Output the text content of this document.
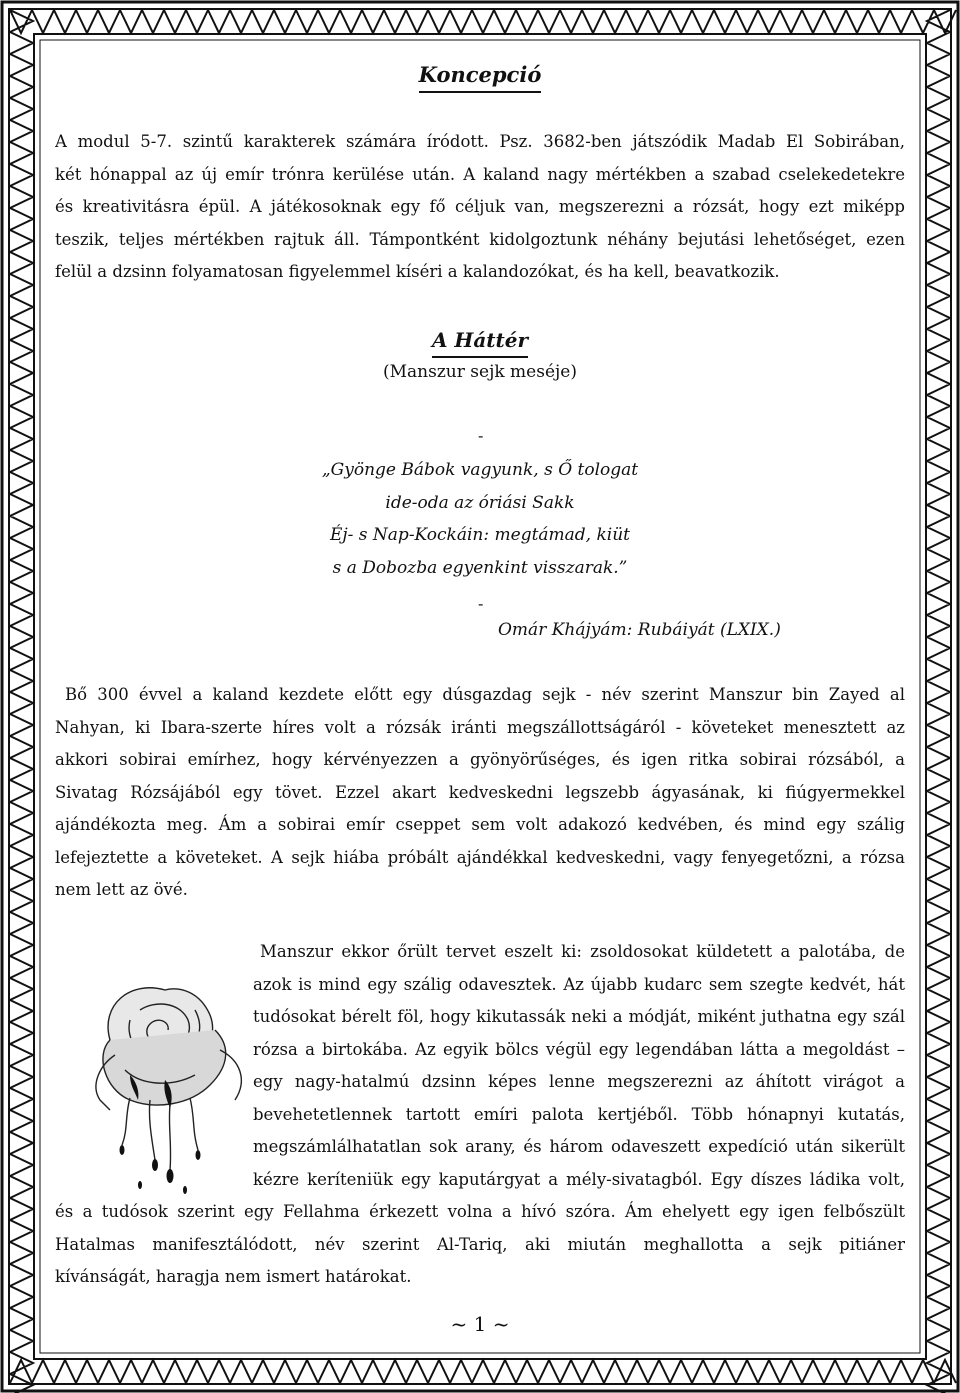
Koncepció
A modul 5-7. szintű karakterek számára íródott. Psz. 3682-ben játszódik Madab El Sobirában,
két hónappal az új emír trónra kerülése után. A kaland nagy mértékben a szabad cselekedetekre
és kreativitásra épül. A játékosoknak egy fő céljuk van, megszerezni a rózsát, hogy ezt miképp
teszik, teljes mértékben rajtuk áll. Támpontként kidolgoztunk néhány bejutási lehetőséget, ezen
felül a dzsinn folyamatosan figyelemmel kíséri a kalandozókat, és ha kell, beavatkozik.
A Háttér
(Manszur sejk meséje)
-
„Gyönge Bábok vagyunk, s Ő tologat
ide-oda az óriási Sakk
Éj- s Nap-Kockáin: megtámad, kiüt
s a Dobozba egyenkint visszarak.”
-
Omár Khájyám: Rubáiyát (LXIX.)
Bő 300 évvel a kaland kezdete előtt egy dúsgazdag sejk - név szerint Manszur bin Zayed al
Nahyan, ki Ibara-szerte híres volt a rózsák iránti megszállottságáról - követeket menesztett az
akkori sobirai emírhez, hogy kérvényezzen a gyönyörűséges, és igen ritka sobirai rózsából, a
Sivatag Rózsájából egy tövet. Ezzel akart kedveskedni legszebb ágyasának, ki fiúgyermekkel
ajándékozta meg. Ám a sobirai emír cseppet sem volt adakozó kedvében, és mind egy szálig
lefejeztette a követeket. A sejk hiába próbált ajándékkal kedveskedni, vagy fenyegetőzni, a rózsa
nem lett az övé.
Manszur ekkor őrült tervet eszelt ki: zsoldosokat küldetett a palotába, de
azok is mind egy szálig odavesztek. Az újabb kudarc sem szegte kedvét, hát
tudósokat bérelt föl, hogy kikutassák neki a módját, miként juthatna egy szál
rózsa a birtokába. Az egyik bölcs végül egy legendában látta a megoldást –
egy nagy-hatalmú dzsinn képes lenne megszerezni az áhított virágot a
bevehetetlennek tartott emíri palota kertjéből. Több hónapnyi kutatás,
megszámlálhatatlan sok arany, és három odaveszett expedíció után sikerült
kézre keríteniük egy kaputárgyat a mély-sivatagból. Egy díszes ládika volt,
és a tudósok szerint egy Fellahma érkezett volna a hívó szóra. Ám ehelyett egy igen felbőszült
Hatalmas manifesztálódott, név szerint Al-Tariq, aki miután meghallotta a sejk pitiáner
kívánságát, haragja nem ismert határokat.
~ 1 ~
